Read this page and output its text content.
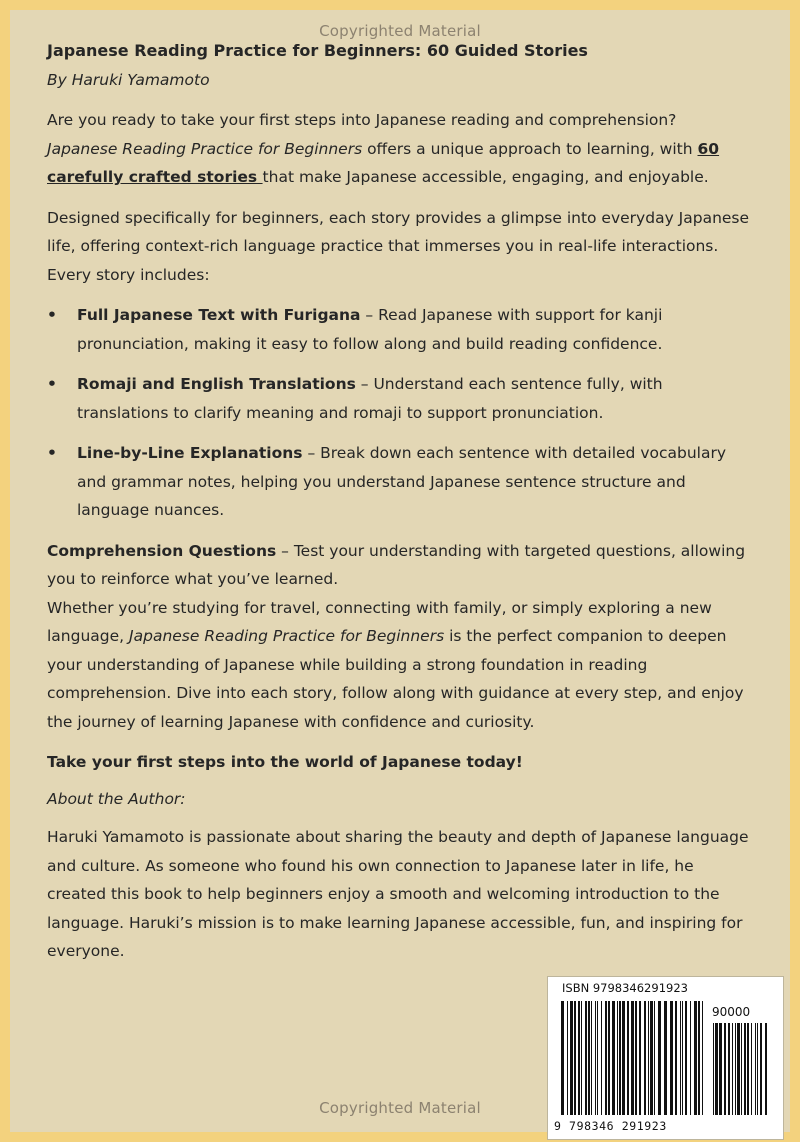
Copyrighted Material

Japanese Reading Practice for Beginners: 60 Guided Stories

By Haruki Yamamoto

Are you ready to take your first steps into Japanese reading and comprehension?
Japanese Reading Practice for Beginners offers a unique approach to learning, with 60 carefully crafted stories that make Japanese accessible, engaging, and enjoyable.

Designed specifically for beginners, each story provides a glimpse into everyday Japanese life, offering context-rich language practice that immerses you in real-life interactions.
Every story includes:

•	Full Japanese Text with Furigana – Read Japanese with support for kanji pronunciation, making it easy to follow along and build reading confidence.
•	Romaji and English Translations – Understand each sentence fully, with translations to clarify meaning and romaji to support pronunciation.
•	Line-by-Line Explanations – Break down each sentence with detailed vocabulary and grammar notes, helping you understand Japanese sentence structure and language nuances.

Comprehension Questions – Test your understanding with targeted questions, allowing you to reinforce what you’ve learned.

Whether you’re studying for travel, connecting with family, or simply exploring a new language, Japanese Reading Practice for Beginners is the perfect companion to deepen your understanding of Japanese while building a strong foundation in reading comprehension. Dive into each story, follow along with guidance at every step, and enjoy the journey of learning Japanese with confidence and curiosity.

Take your first steps into the world of Japanese today!

About the Author:

Haruki Yamamoto is passionate about sharing the beauty and depth of Japanese language and culture. As someone who found his own connection to Japanese later in life, he created this book to help beginners enjoy a smooth and welcoming introduction to the language. Haruki’s mission is to make learning Japanese accessible, fun, and inspiring for everyone.

ISBN 9798346291923
90000
9 798346 291923
Copyrighted Material
